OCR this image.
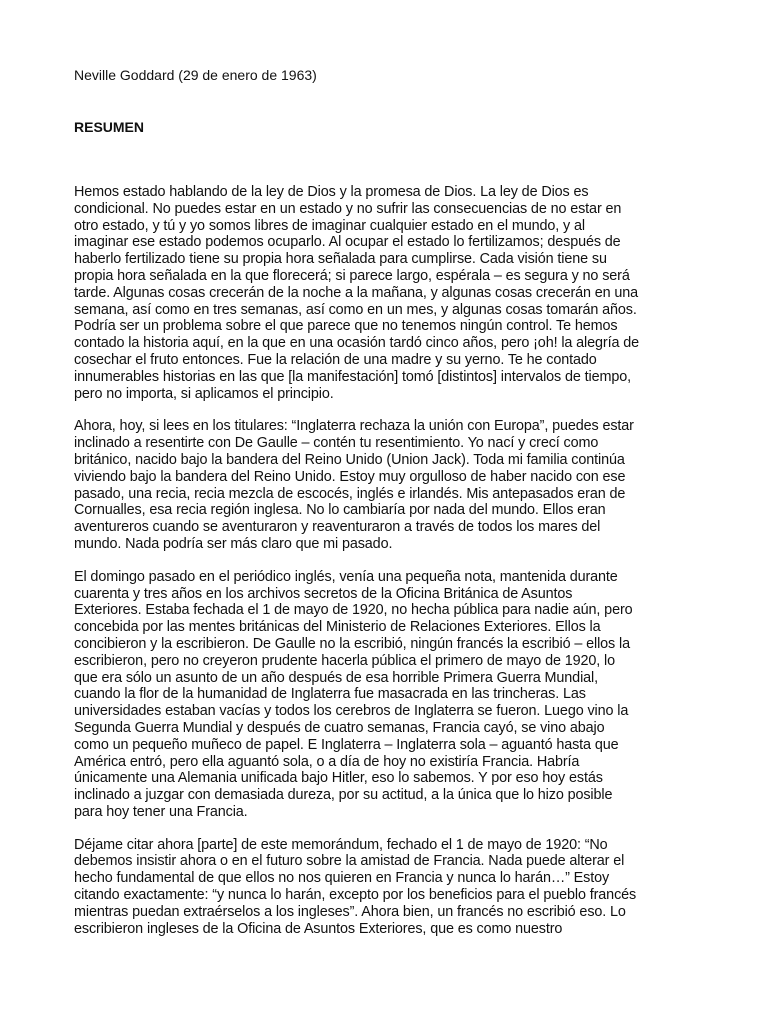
Neville Goddard (29 de enero de 1963)

RESUMEN

Hemos estado hablando de la ley de Dios y la promesa de Dios. La ley de Dios es
condicional. No puedes estar en un estado y no sufrir las consecuencias de no estar en
otro estado, y tú y yo somos libres de imaginar cualquier estado en el mundo, y al
imaginar ese estado podemos ocuparlo. Al ocupar el estado lo fertilizamos; después de
haberlo fertilizado tiene su propia hora señalada para cumplirse. Cada visión tiene su
propia hora señalada en la que florecerá; si parece largo, espérala – es segura y no será
tarde. Algunas cosas crecerán de la noche a la mañana, y algunas cosas crecerán en una
semana, así como en tres semanas, así como en un mes, y algunas cosas tomarán años.
Podría ser un problema sobre el que parece que no tenemos ningún control. Te hemos
contado la historia aquí, en la que en una ocasión tardó cinco años, pero ¡oh! la alegría de
cosechar el fruto entonces. Fue la relación de una madre y su yerno. Te he contado
innumerables historias en las que [la manifestación] tomó [distintos] intervalos de tiempo,
pero no importa, si aplicamos el principio.

Ahora, hoy, si lees en los titulares: “Inglaterra rechaza la unión con Europa”, puedes estar
inclinado a resentirte con De Gaulle – contén tu resentimiento. Yo nací y crecí como
británico, nacido bajo la bandera del Reino Unido (Union Jack). Toda mi familia continúa
viviendo bajo la bandera del Reino Unido. Estoy muy orgulloso de haber nacido con ese
pasado, una recia, recia mezcla de escocés, inglés e irlandés. Mis antepasados eran de
Cornualles, esa recia región inglesa. No lo cambiaría por nada del mundo. Ellos eran
aventureros cuando se aventuraron y reaventuraron a través de todos los mares del
mundo. Nada podría ser más claro que mi pasado.

El domingo pasado en el periódico inglés, venía una pequeña nota, mantenida durante
cuarenta y tres años en los archivos secretos de la Oficina Británica de Asuntos
Exteriores. Estaba fechada el 1 de mayo de 1920, no hecha pública para nadie aún, pero
concebida por las mentes británicas del Ministerio de Relaciones Exteriores. Ellos la
concibieron y la escribieron. De Gaulle no la escribió, ningún francés la escribió – ellos la
escribieron, pero no creyeron prudente hacerla pública el primero de mayo de 1920, lo
que era sólo un asunto de un año después de esa horrible Primera Guerra Mundial,
cuando la flor de la humanidad de Inglaterra fue masacrada en las trincheras. Las
universidades estaban vacías y todos los cerebros de Inglaterra se fueron. Luego vino la
Segunda Guerra Mundial y después de cuatro semanas, Francia cayó, se vino abajo
como un pequeño muñeco de papel. E Inglaterra – Inglaterra sola – aguantó hasta que
América entró, pero ella aguantó sola, o a día de hoy no existiría Francia. Habría
únicamente una Alemania unificada bajo Hitler, eso lo sabemos. Y por eso hoy estás
inclinado a juzgar con demasiada dureza, por su actitud, a la única que lo hizo posible
para hoy tener una Francia.

Déjame citar ahora [parte] de este memorándum, fechado el 1 de mayo de 1920: “No
debemos insistir ahora o en el futuro sobre la amistad de Francia. Nada puede alterar el
hecho fundamental de que ellos no nos quieren en Francia y nunca lo harán…” Estoy
citando exactamente: “y nunca lo harán, excepto por los beneficios para el pueblo francés
mientras puedan extraérselos a los ingleses”. Ahora bien, un francés no escribió eso. Lo
escribieron ingleses de la Oficina de Asuntos Exteriores, que es como nuestro
